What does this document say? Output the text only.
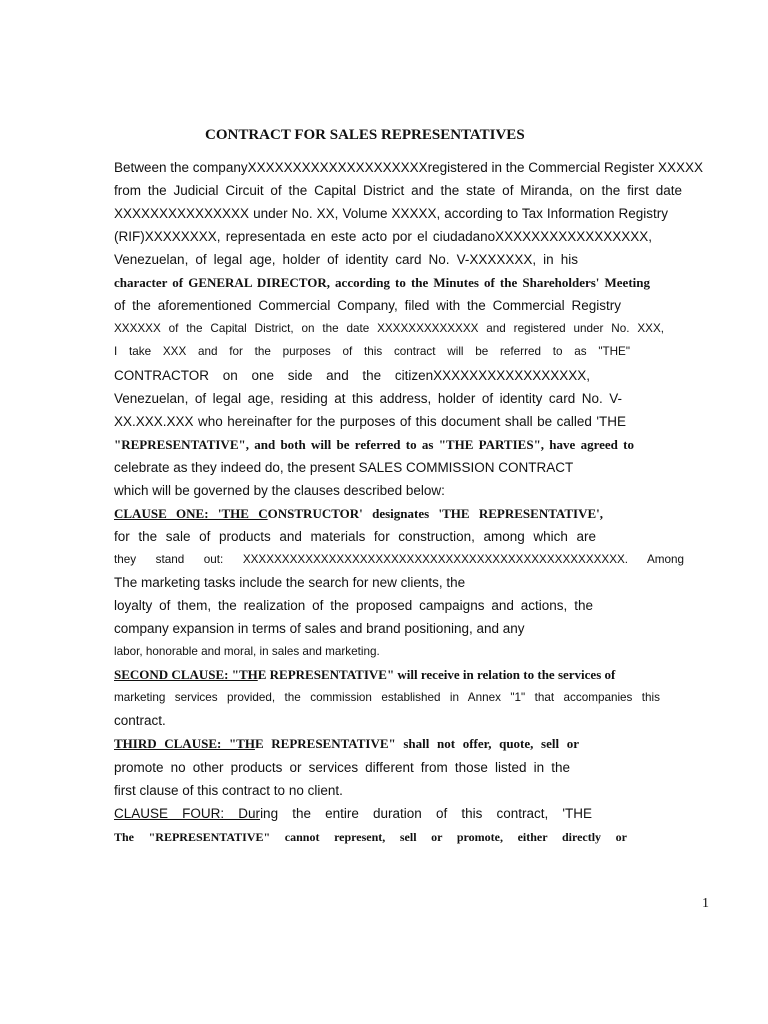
CONTRACT FOR SALES REPRESENTATIVES
Between the companyXXXXXXXXXXXXXXXXXXXXregistered in the Commercial Register XXXXX
from the Judicial Circuit of the Capital District and the state of Miranda, on the first date
XXXXXXXXXXXXXXX under No. XX, Volume XXXXX, according to Tax Information Registry
(RIF)XXXXXXXX, representada en este acto por el ciudadanoXXXXXXXXXXXXXXXXX,
Venezuelan, of legal age, holder of identity card No. V-XXXXXXX, in his
character of GENERAL DIRECTOR, according to the Minutes of the Shareholders' Meeting
of the aforementioned Commercial Company, filed with the Commercial Registry
XXXXXX of the Capital District, on the date XXXXXXXXXXXXX and registered under No. XXX,
I take XXX and for the purposes of this contract will be referred to as "THE"
CONTRACTOR on one side and the citizenXXXXXXXXXXXXXXXXX,
Venezuelan, of legal age, residing at this address, holder of identity card No. V-
XX.XXX.XXX who hereinafter for the purposes of this document shall be called 'THE
"REPRESENTATIVE", and both will be referred to as "THE PARTIES", have agreed to
celebrate as they indeed do, the present SALES COMMISSION CONTRACT
which will be governed by the clauses described below:
CLAUSE ONE: 'THE CONSTRUCTOR' designates 'THE REPRESENTATIVE',
for the sale of products and materials for construction, among which are
they stand out: XXXXXXXXXXXXXXXXXXXXXXXXXXXXXXXXXXXXXXXXXXXXXXXXX. Among
The marketing tasks include the search for new clients, the
loyalty of them, the realization of the proposed campaigns and actions, the
company expansion in terms of sales and brand positioning, and any
labor, honorable and moral, in sales and marketing.
SECOND CLAUSE: "THE REPRESENTATIVE" will receive in relation to the services of
marketing services provided, the commission established in Annex "1" that accompanies this
contract.
THIRD CLAUSE: "THE REPRESENTATIVE" shall not offer, quote, sell or
promote no other products or services different from those listed in the
first clause of this contract to no client.
CLAUSE FOUR: During the entire duration of this contract, 'THE
The "REPRESENTATIVE" cannot represent, sell or promote, either directly or
1
